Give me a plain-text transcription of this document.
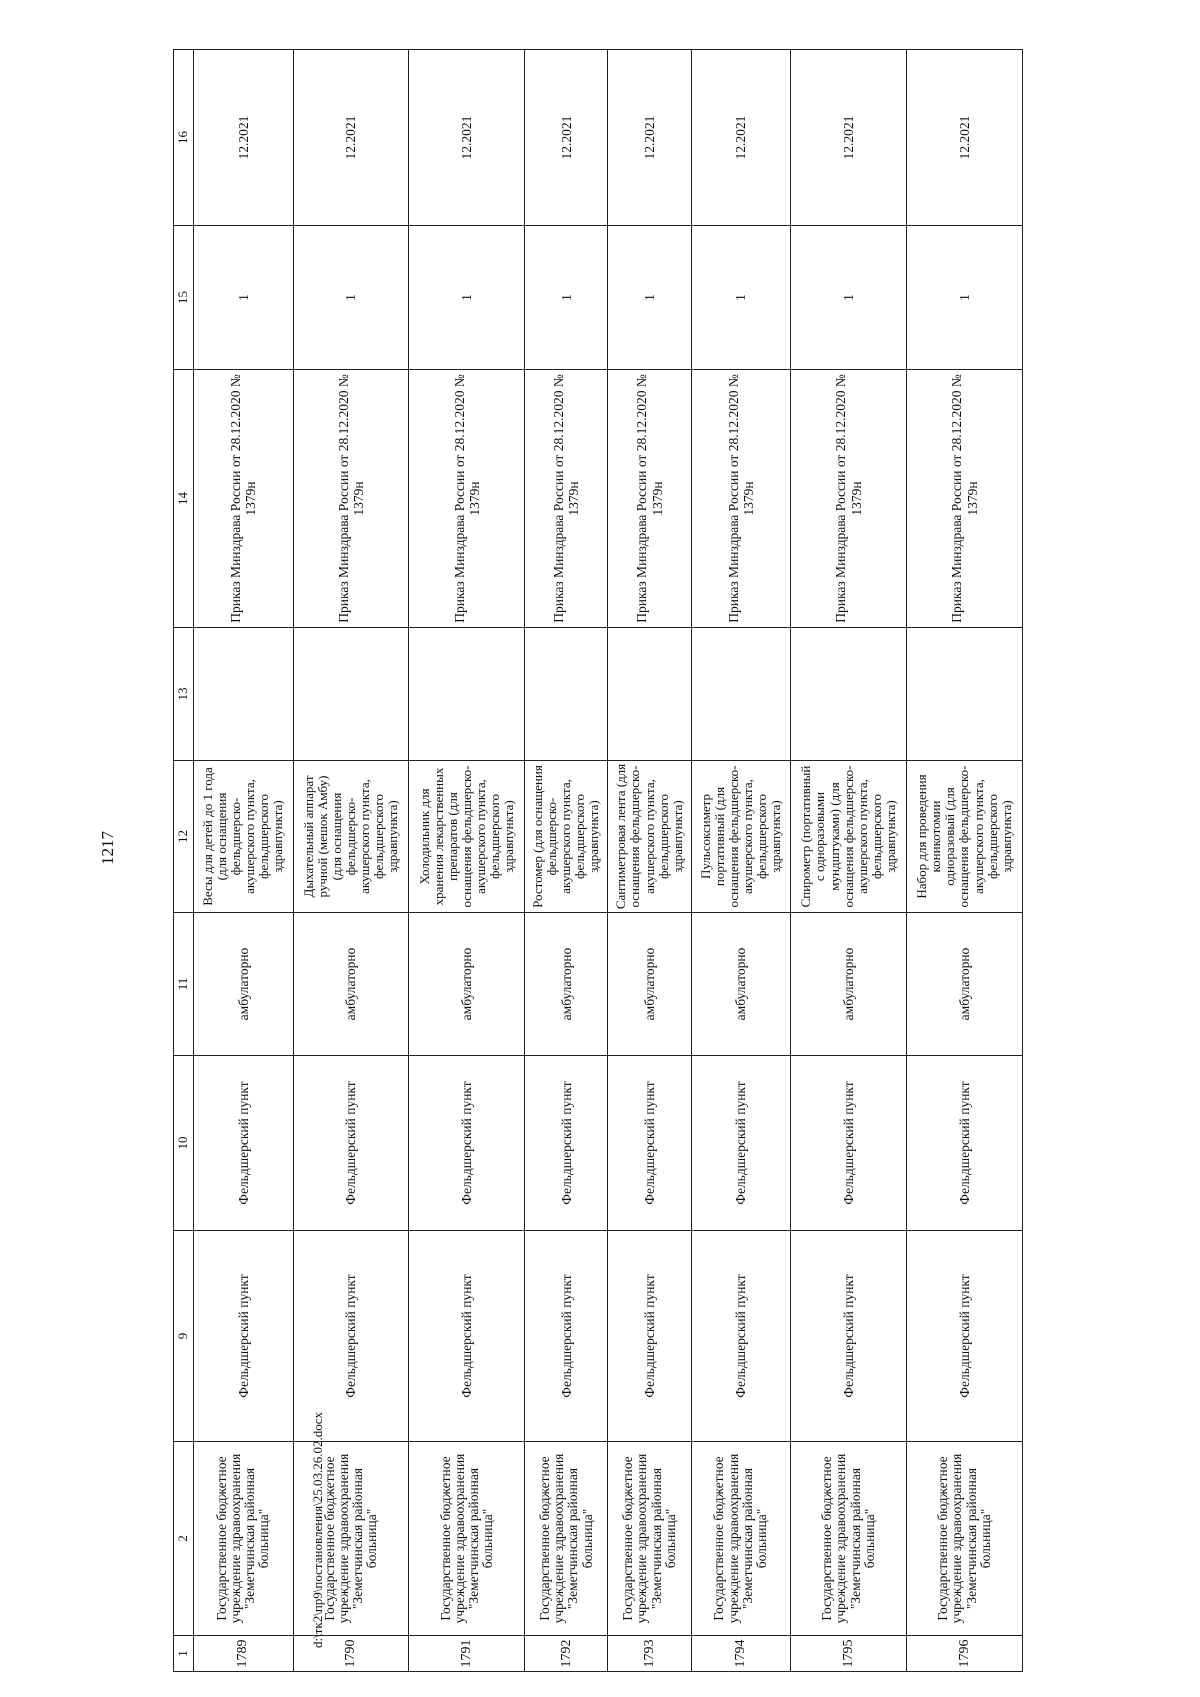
1217
1	2	9	10	11	12	13	14	15	16
1789	Государственное бюджетное учреждение здравоохранения "Земетчинская районная больница"	Фельдшерский пункт	Фельдшерский пункт	амбулаторно	Весы для детей до 1 года (для оснащения фельдшерско-акушерского пункта, фельдшерского здравпункта)		Приказ Минздрава России от 28.12.2020 № 1379н	1	12.2021
1790	Государственное бюджетное учреждение здравоохранения "Земетчинская районная больница"	Фельдшерский пункт	Фельдшерский пункт	амбулаторно	Дыхательный аппарат ручной (мешок Амбу) (для оснащения фельдшерско-акушерского пункта, фельдшерского здравпункта)		Приказ Минздрава России от 28.12.2020 № 1379н	1	12.2021
1791	Государственное бюджетное учреждение здравоохранения "Земетчинская районная больница"	Фельдшерский пункт	Фельдшерский пункт	амбулаторно	Холодильник для хранения лекарственных препаратов (для оснащения фельдшерско-акушерского пункта, фельдшерского здравпункта)		Приказ Минздрава России от 28.12.2020 № 1379н	1	12.2021
1792	Государственное бюджетное учреждение здравоохранения "Земетчинская районная больница"	Фельдшерский пункт	Фельдшерский пункт	амбулаторно	Ростомер (для оснащения фельдшерско-акушерского пункта, фельдшерского здравпункта)		Приказ Минздрава России от 28.12.2020 № 1379н	1	12.2021
1793	Государственное бюджетное учреждение здравоохранения "Земетчинская районная больница"	Фельдшерский пункт	Фельдшерский пункт	амбулаторно	Сантиметровая лента (для оснащения фельдшерско-акушерского пункта, фельдшерского здравпункта)		Приказ Минздрава России от 28.12.2020 № 1379н	1	12.2021
1794	Государственное бюджетное учреждение здравоохранения "Земетчинская районная больница"	Фельдшерский пункт	Фельдшерский пункт	амбулаторно	Пульсоксиметр портативный (для оснащения фельдшерско-акушерского пункта, фельдшерского здравпункта)		Приказ Минздрава России от 28.12.2020 № 1379н	1	12.2021
1795	Государственное бюджетное учреждение здравоохранения "Земетчинская районная больница"	Фельдшерский пункт	Фельдшерский пункт	амбулаторно	Спирометр (портативный с одноразовыми мундштуками) (для оснащения фельдшерско-акушерского пункта, фельдшерского здравпункта)		Приказ Минздрава России от 28.12.2020 № 1379н	1	12.2021
1796	Государственное бюджетное учреждение здравоохранения "Земетчинская районная больница"	Фельдшерский пункт	Фельдшерский пункт	амбулаторно	Набор для проведения коникотомии одноразовый (для оснащения фельдшерско-акушерского пункта, фельдшерского здравпункта)		Приказ Минздрава России от 28.12.2020 № 1379н	1	12.2021
d:\тк2\пр9\постановления\25.03.26.02.docx
